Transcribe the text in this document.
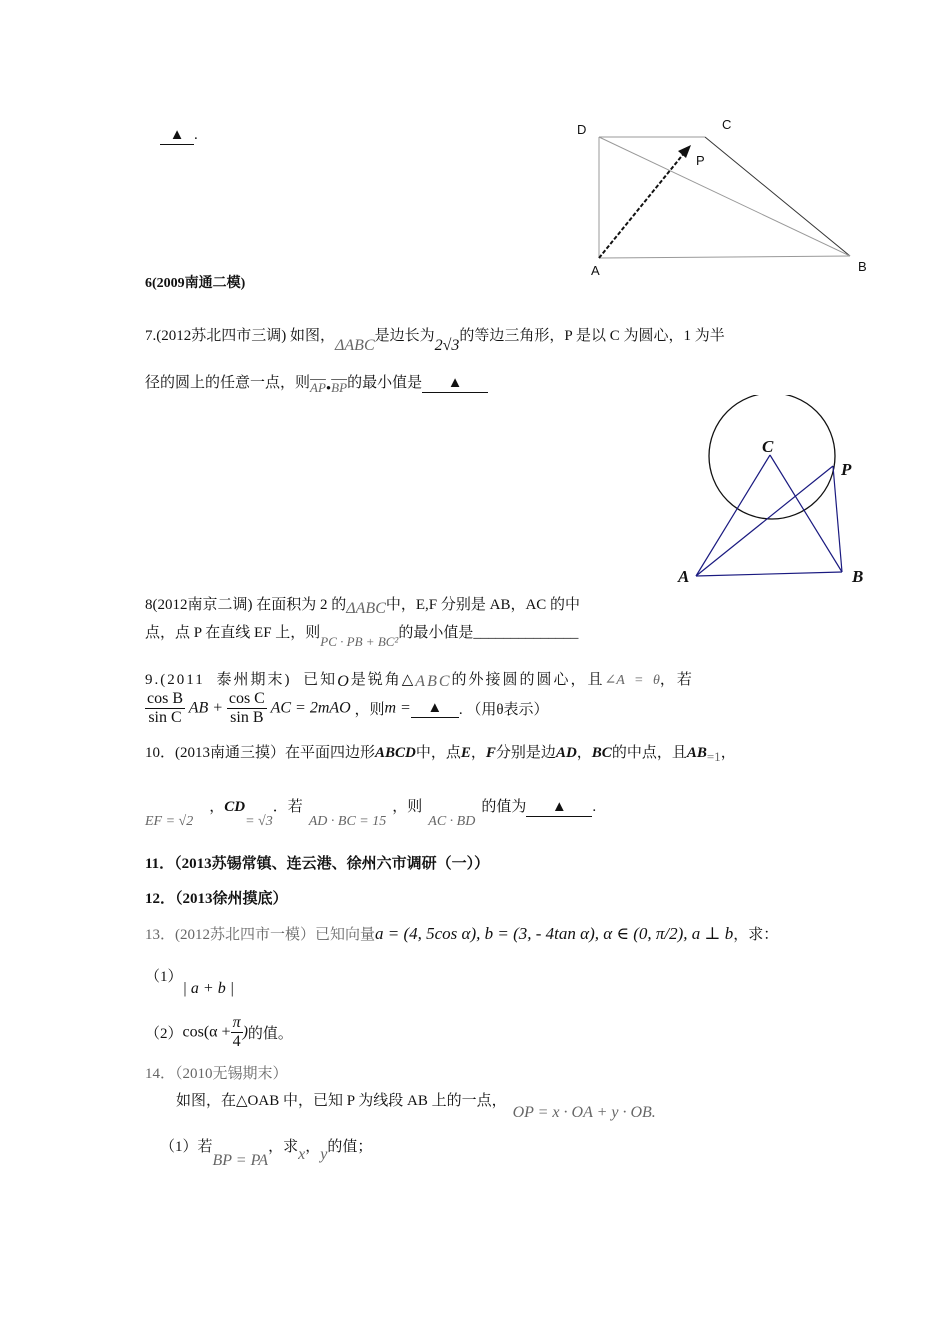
▲ .	D	C
P
A	B
6(2009南通二模)
7.(2012苏北四市三调) 如图，ΔABC是边长为2√3的等边三角形，P 是以 C 为圆心，1 为半
径的圆上的任意一点，则$\overline{AP}•\overline{BP}$的最小值是 ▲
C
P
A	B
8(2012南京二调) 在面积为 2 的ΔABC中，E,F 分别是 AB，AC 的中
点，点 P 在直线 EF 上，则PC · PB + BC²的最小值是______________
9.(2011 泰州期末) 已知O是锐角△ABC的外接圆的圆心，且∠A = θ，若
$\frac{\text{cos B}}{\text{sin C}}$ AB + $\frac{\text{cos C}}{\text{sin B}}$ AC = 2mAO ，则m = ▲ . （用θ表示）
10．(2013南通三摸）在平面四边形ABCD中，点E，F分别是边AD，BC的中点，且AB=1，
EF = √2，CD= √3．若AD · BC = 15，则AC · BD的值为 ▲ .
11．（2013苏锡常镇、连云港、徐州六市调研（一））
12．（2013徐州摸底）
13．(2012苏北四市一模）已知向量a = (4, 5cos α), b = (3, - 4tan α), α ∈ (0, π/2), a ⊥ b，求：
（1）| a + b |
$(2)\cos(\alpha + \frac{\pi}{4}$ )的值。
14．（2010无锡期末）
如图，在△OAB 中，已知 P 为线段 AB 上的一点，OP = x · OA + y · OB.
（1）若BP = PA，求x，y的值；
